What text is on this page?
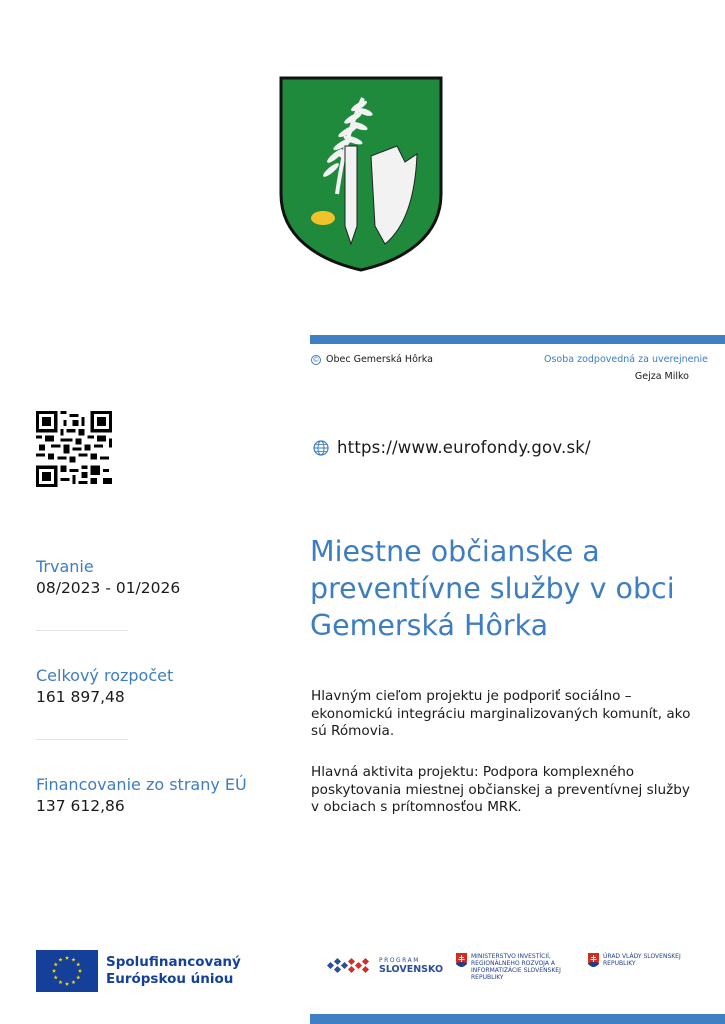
© Obec Gemerská Hôrka	Osoba zodpovedná za uverejnenie
Gejza Milko
https://www.eurofondy.gov.sk/
Trvanie
08/2023 - 01/2026
Celkový rozpočet
161 897,48
Financovanie zo strany EÚ
137 612,86
Miestne občianske a preventívne služby v obci Gemerská Hôrka

Hlavným cieľom projektu je podporiť sociálno – ekonomickú integráciu marginalizovaných komunít, ako sú Rómovia.

Hlavná aktivita projektu: Podpora komplexného poskytovania miestnej občianskej a preventívnej služby v obciach s prítomnosťou MRK.

Spolufinancovaný
Európskou úniou
PROGRAM
SLOVENSKO
MINISTERSTVO INVESTÍCIÍ, REGIONÁLNEHO ROZVOJA A INFORMATIZÁCIE SLOVENSKEJ REPUBLIKY
ÚRAD VLÁDY SLOVENSKEJ REPUBLIKY
